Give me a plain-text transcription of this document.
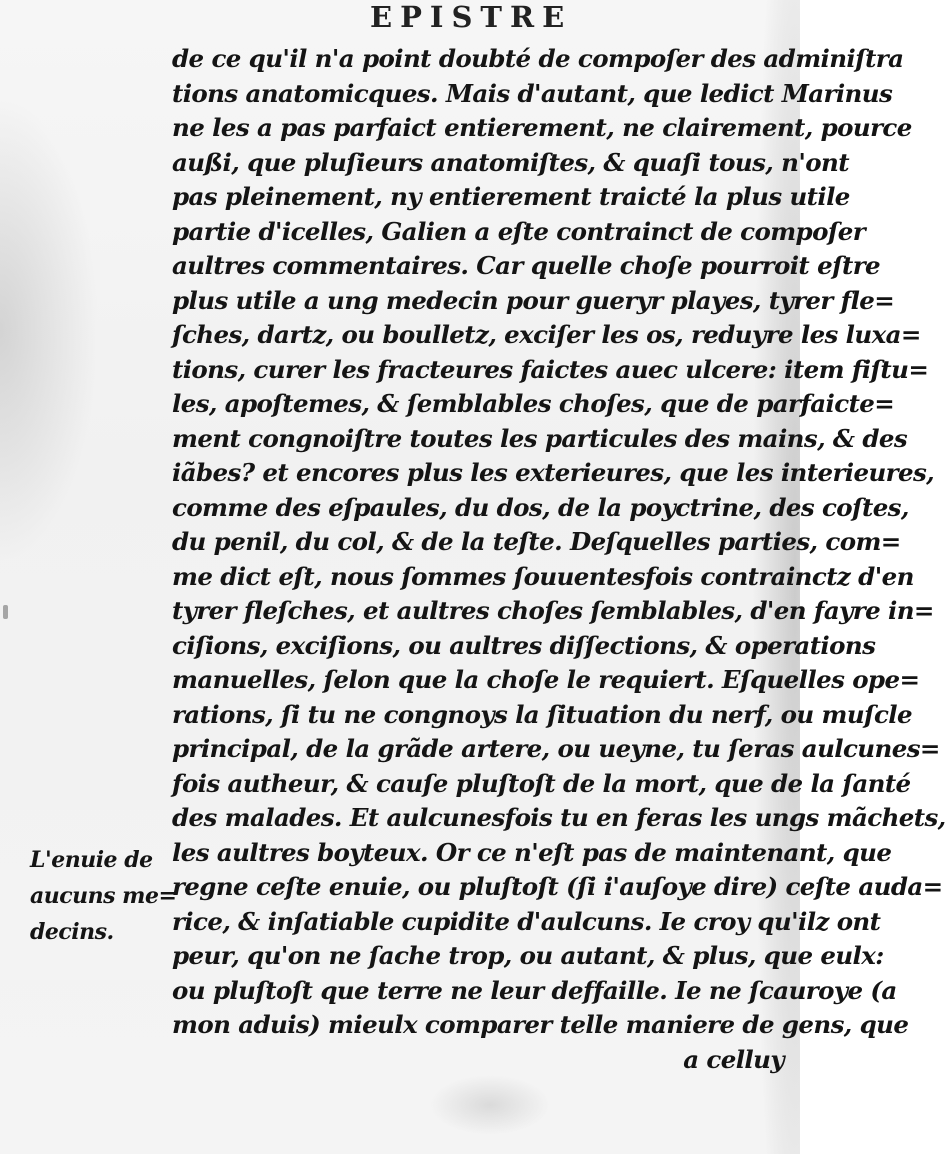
EPISTRE
de ce qu'il n'a point doubté de compoſer des adminiſtra
tions anatomicques. Mais d'autant, que ledict Marinus
ne les a pas parfaict entierement, ne clairement, pource
außi, que pluſieurs anatomiſtes, & quaſi tous, n'ont
pas pleinement, ny entierement traicté la plus utile
partie d'icelles, Galien a eſte contrainct de compoſer
aultres commentaires. Car quelle choſe pourroit eſtre
plus utile a ung medecin pour gueryr playes, tyrer fle=
ſches, dartz, ou boulletz, exciſer les os, reduyre les luxa=
tions, curer les fracteures faictes auec ulcere: item fiſtu=
les, apoſtemes, & ſemblables choſes, que de parfaicte=
ment congnoiſtre toutes les particules des mains, & des
iãbes? et encores plus les exterieures, que les interieures,
comme des eſpaules, du dos, de la poyctrine, des coſtes,
du penil, du col, & de la teſte. Deſquelles parties, com=
me dict eſt, nous ſommes ſouuentesfois contrainctz d'en
tyrer fleſches, et aultres choſes ſemblables, d'en fayre in=
ciſions, exciſions, ou aultres diſſections, & operations
manuelles, ſelon que la choſe le requiert. Eſquelles ope=
rations, ſi tu ne congnoys la ſituation du nerf, ou muſcle
principal, de la grãde artere, ou ueyne, tu ſeras aulcunes=
fois autheur, & cauſe pluſtoſt de la mort, que de la ſanté
des malades. Et aulcunesfois tu en feras les ungs mãchets,
les aultres boyteux. Or ce n'eſt pas de maintenant, que
regne ceſte enuie, ou pluſtoſt (ſi i'auſoye dire) ceſte auda=
rice, & inſatiable cupidite d'aulcuns. Ie croy qu'ilz ont
peur, qu'on ne ſache trop, ou autant, & plus, que eulx:
ou pluſtoſt que terre ne leur deffaille. Ie ne ſcauroye (a
mon aduis) mieulx comparer telle maniere de gens, que
a celluy
L'enuie de
aucuns me=
decins.
